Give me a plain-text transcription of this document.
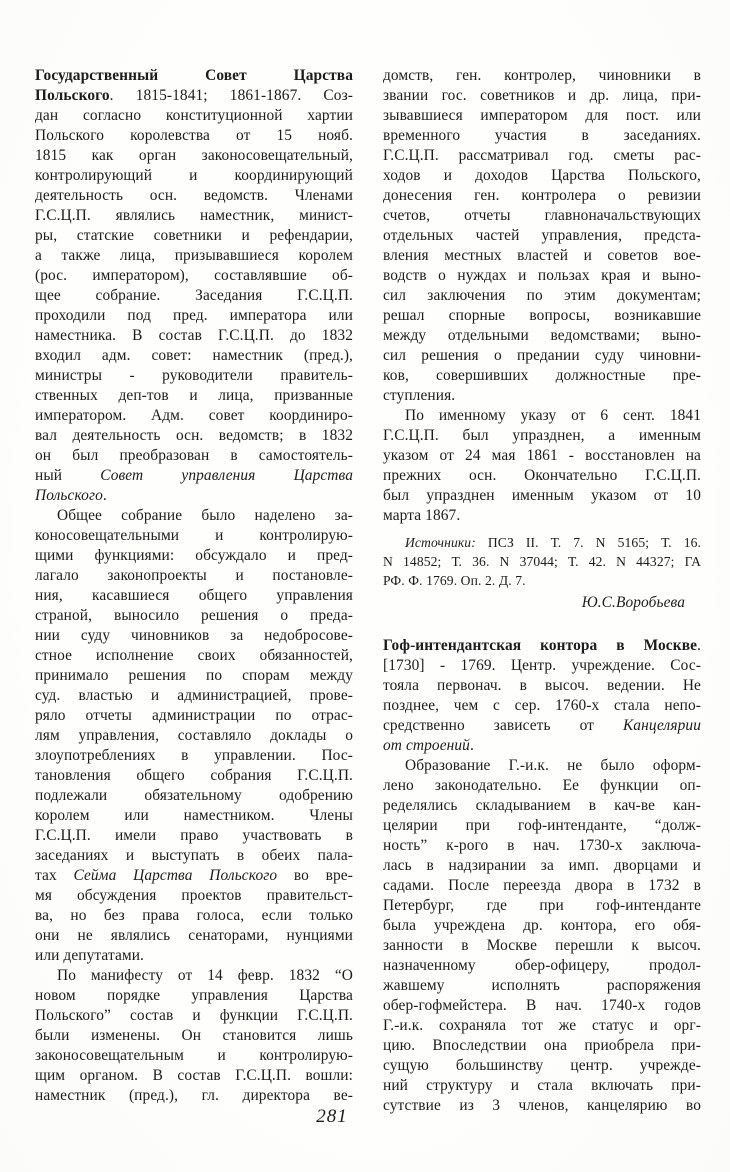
Государственный Совет Царства
Польского. 1815-1841; 1861-1867. Соз-
дан согласно конституционной хартии
Польского королевства от 15 нояб.
1815 как орган законосовещательный,
контролирующий и координирующий
деятельность осн. ведомств. Членами
Г.С.Ц.П. являлись наместник, минист-
ры, статские советники и рефендарии,
а также лица, призывавшиеся королем
(рос. императором), составлявшие об-
щее собрание. Заседания Г.С.Ц.П.
проходили под пред. императора или
наместника. В состав Г.С.Ц.П. до 1832
входил адм. совет: наместник (пред.),
министры - руководители правитель-
ственных деп-тов и лица, призванные
императором. Адм. совет координиро-
вал деятельность осн. ведомств; в 1832
он был преобразован в самостоятель-
ный Совет управления Царства
Польского.
Общее собрание было наделено за-
коносовещательными и контролирую-
щими функциями: обсуждало и пред-
лагало законопроекты и постановле-
ния, касавшиеся общего управления
страной, выносило решения о преда-
нии суду чиновников за недобросове-
стное исполнение своих обязанностей,
принимало решения по спорам между
суд. властью и администрацией, прове-
ряло отчеты администрации по отрас-
лям управления, составляло доклады о
злоупотреблениях в управлении. Пос-
тановления общего собрания Г.С.Ц.П.
подлежали обязательному одобрению
королем или наместником. Члены
Г.С.Ц.П. имели право участвовать в
заседаниях и выступать в обеих пала-
тах Сейма Царства Польского во вре-
мя обсуждения проектов правительст-
ва, но без права голоса, если только
они не являлись сенаторами, нунциями
или депутатами.
По манифесту от 14 февр. 1832 “О
новом порядке управления Царства
Польского” состав и функции Г.С.Ц.П.
были изменены. Он становится лишь
законосовещательным и контролирую-
щим органом. В состав Г.С.Ц.П. вошли:
наместник (пред.), гл. директора ве-
домств, ген. контролер, чиновники в
звании гос. советников и др. лица, при-
зывавшиеся императором для пост. или
временного участия в заседаниях.
Г.С.Ц.П. рассматривал год. сметы рас-
ходов и доходов Царства Польского,
донесения ген. контролера о ревизии
счетов, отчеты главноначальствующих
отдельных частей управления, предста-
вления местных властей и советов вое-
водств о нуждах и пользах края и выно-
сил заключения по этим документам;
решал спорные вопросы, возникавшие
между отдельными ведомствами; выно-
сил решения о предании суду чиновни-
ков, совершивших должностные пре-
ступления.
По именному указу от 6 сент. 1841
Г.С.Ц.П. был упразднен, а именным
указом от 24 мая 1861 - восстановлен на
прежних осн. Окончательно Г.С.Ц.П.
был упразднен именным указом от 10
марта 1867.
Источники: ПСЗ II. Т. 7. N 5165; Т. 16.
N 14852; Т. 36. N 37044; Т. 42. N 44327; ГА
РФ. Ф. 1769. Оп. 2. Д. 7.
Ю.С.Воробьева
Гоф-интендантская контора в Москве.
[1730] - 1769. Центр. учреждение. Сос-
тояла первонач. в высоч. ведении. Не
позднее, чем с сер. 1760-х стала непо-
средственно зависеть от Канцелярии
от строений.
Образование Г.-и.к. не было оформ-
лено законодательно. Ее функции оп-
ределялись складыванием в кач-ве кан-
целярии при гоф-интенданте, “долж-
ность” к-рого в нач. 1730-х заключа-
лась в надзирании за имп. дворцами и
садами. После переезда двора в 1732 в
Петербург, где при гоф-интенданте
была учреждена др. контора, его обя-
занности в Москве перешли к высоч.
назначенному обер-офицеру, продол-
жавшему исполнять распоряжения
обер-гофмейстера. В нач. 1740-х годов
Г.-и.к. сохраняла тот же статус и орг-
цию. Впоследствии она приобрела при-
сущую большинству центр. учрежде-
ний структуру и стала включать при-
сутствие из 3 членов, канцелярию во
281
